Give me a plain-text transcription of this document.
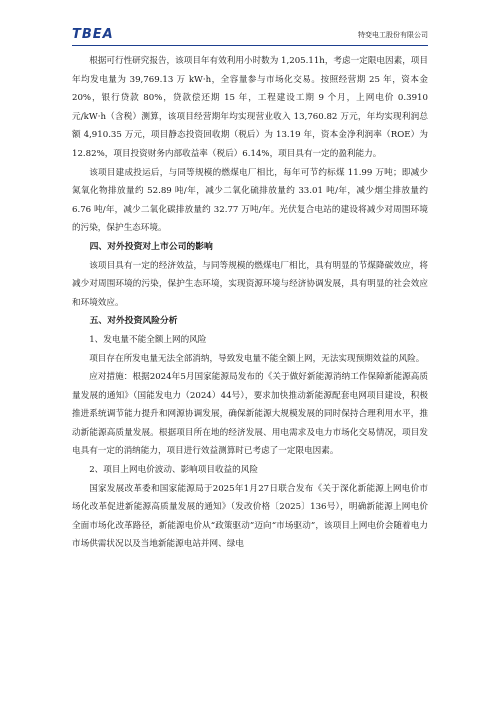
TBEA	特变电工股份有限公司

根据可行性研究报告，该项目年有效利用小时数为 1,205.11h，考虑一定限电因素，项目年均发电量为 39,769.13 万 kW·h，全容量参与市场化交易。按照经营期 25 年，资本金 20%，银行贷款 80%，贷款偿还期 15 年，工程建设工期 9 个月，上网电价 0.3910 元/kW·h（含税）测算，该项目经营期年均实现营业收入 13,760.82 万元，年均实现利润总额 4,910.35 万元，项目静态投资回收期（税后）为 13.19 年，资本金净利润率（ROE）为 12.82%，项目投资财务内部收益率（税后）6.14%，项目具有一定的盈利能力。

该项目建成投运后，与同等规模的燃煤电厂相比，每年可节约标煤 11.99 万吨；即减少氮氧化物排放量约 52.89 吨/年，减少二氧化硫排放量约 33.01 吨/年，减少烟尘排放量约 6.76 吨/年，减少二氧化碳排放量约 32.77 万吨/年。光伏复合电站的建设将减少对周围环境的污染，保护生态环境。

四、对外投资对上市公司的影响

该项目具有一定的经济效益，与同等规模的燃煤电厂相比，具有明显的节煤降碳效应，将减少对周围环境的污染，保护生态环境，实现资源环境与经济协调发展，具有明显的社会效应和环境效应。

五、对外投资风险分析

1、发电量不能全额上网的风险

项目存在所发电量无法全部消纳，导致发电量不能全额上网，无法实现预期效益的风险。

应对措施：根据2024年5月国家能源局发布的《关于做好新能源消纳工作保障新能源高质量发展的通知》（国能发电力（2024）44号），要求加快推动新能源配套电网项目建设，积极推进系统调节能力提升和网源协调发展，确保新能源大规模发展的同时保持合理利用水平，推动新能源高质量发展。根据项目所在地的经济发展、用电需求及电力市场化交易情况，项目发电具有一定的消纳能力，项目进行效益测算时已考虑了一定限电因素。

2、项目上网电价波动、影响项目收益的风险

国家发展改革委和国家能源局于2025年1月27日联合发布《关于深化新能源上网电价市场化改革促进新能源高质量发展的通知》（发改价格〔2025〕136号），明确新能源上网电价全面市场化改革路径，新能源电价从“政策驱动”迈向“市场驱动”，该项目上网电价会随着电力市场供需状况以及当地新能源电站并网、绿电
